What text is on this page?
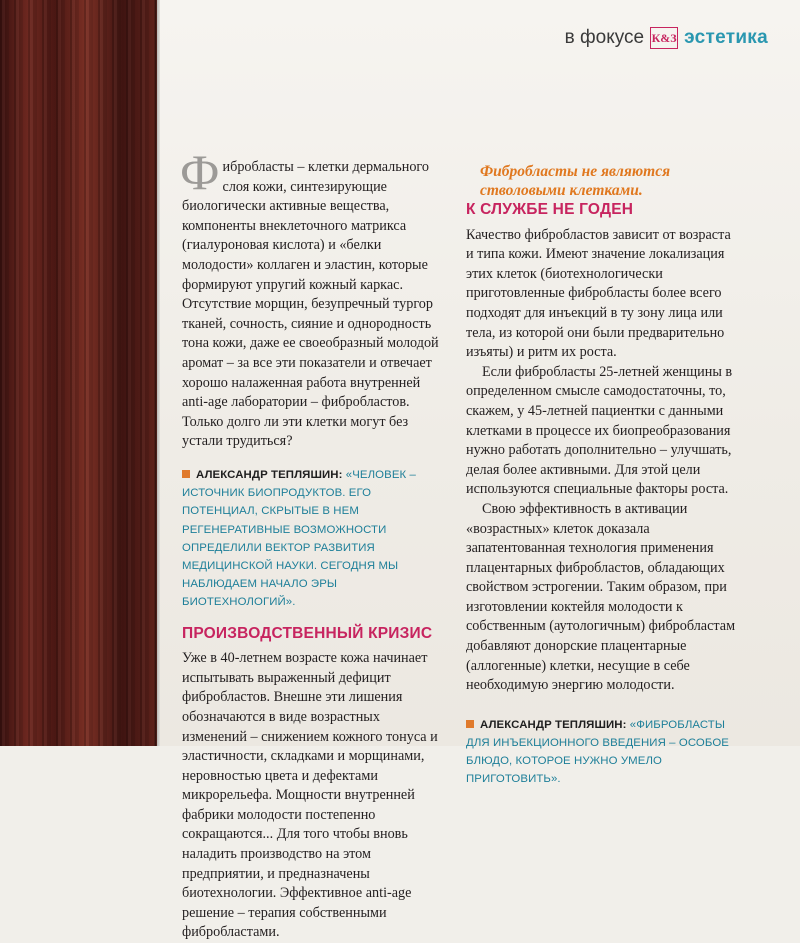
в фокусе К&З эстетика
Ф ибробласты – клетки дермального слоя кожи, синтезирующие биологически активные вещества, компоненты внеклеточного матрикса (гиалуроновая кислота) и «белки молодости» коллаген и эластин, которые формируют упругий кожный каркас. Отсутствие морщин, безупречный тургор тканей, сочность, сияние и однородность тона кожи, даже ее своеобразный молодой аромат – за все эти показатели и отвечает хорошо налаженная работа внутренней anti-age лаборатории – фибробластов. Только долго ли эти клетки могут без устали трудиться?

АЛЕКСАНДР ТЕПЛЯШИН: «ЧЕЛОВЕК – ИСТОЧНИК БИОПРОДУКТОВ. ЕГО ПОТЕНЦИАЛ, СКРЫТЫЕ В НЕМ РЕГЕНЕРАТИВНЫЕ ВОЗМОЖНОСТИ ОПРЕДЕЛИЛИ ВЕКТОР РАЗВИТИЯ МЕДИЦИНСКОЙ НАУКИ. СЕГОДНЯ МЫ НАБЛЮДАЕМ НАЧАЛО ЭРЫ БИОТЕХНОЛОГИЙ».

ПРОИЗВОДСТВЕННЫЙ КРИЗИС

Уже в 40-летнем возрасте кожа начинает испытывать выраженный дефицит фибробластов. Внешне эти лишения обозначаются в виде возрастных изменений – снижением кожного тонуса и эластичности, складками и морщинами, неровностью цвета и дефектами микрорельефа. Мощности внутренней фабрики молодости постепенно сокращаются... Для того чтобы вновь наладить производство на этом предприятии, и предназначены биотехнологии. Эффективное anti-age решение – терапия собственными фибробластами.

Фибробласты не являются стволовыми клетками.

К СЛУЖБЕ НЕ ГОДЕН

Качество фибробластов зависит от возраста и типа кожи. Имеют значение локализация этих клеток (биотехнологически приготовленные фибробласты более всего подходят для инъекций в ту зону лица или тела, из которой они были предварительно изъяты) и ритм их роста.

Если фибробласты 25-летней женщины в определенном смысле самодостаточны, то, скажем, у 45-летней пациентки с данными клетками в процессе их биопреобразования нужно работать дополнительно – улучшать, делая более активными. Для этой цели используются специальные факторы роста.

Свою эффективность в активации «возрастных» клеток доказала запатентованная технология применения плацентарных фибробластов, обладающих свойством эстрогении. Таким образом, при изготовлении коктейля молодости к собственным (аутологичным) фибробластам добавляют донорские плацентарные (аллогенные) клетки, несущие в себе необходимую энергию молодости.

АЛЕКСАНДР ТЕПЛЯШИН: «ФИБРОБЛАСТЫ ДЛЯ ИНЪЕКЦИОННОГО ВВЕДЕНИЯ – ОСОБОЕ БЛЮДО, КОТОРОЕ НУЖНО УМЕЛО ПРИГОТОВИТЬ».
